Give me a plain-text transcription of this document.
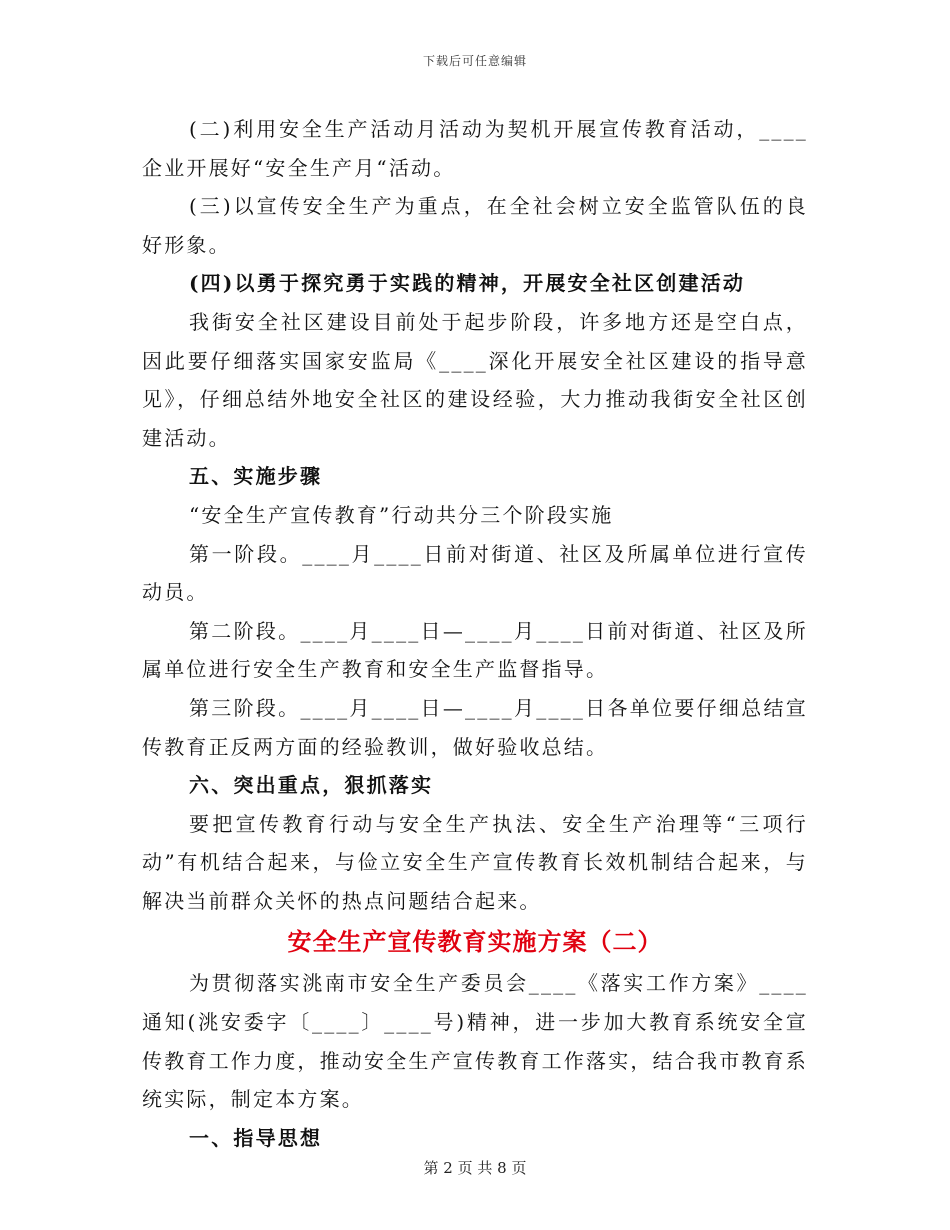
下载后可任意编辑

(二)利用安全生产活动月活动为契机开展宣传教育活动，____企业开展好“安全生产月“活动。

(三)以宣传安全生产为重点，在全社会树立安全监管队伍的良好形象。

(四)以勇于探究勇于实践的精神，开展安全社区创建活动

我街安全社区建设目前处于起步阶段，许多地方还是空白点，因此要仔细落实国家安监局《____深化开展安全社区建设的指导意见》，仔细总结外地安全社区的建设经验，大力推动我街安全社区创建活动。

五、实施步骤

“安全生产宣传教育”行动共分三个阶段实施

第一阶段。____月____日前对街道、社区及所属单位进行宣传动员。

第二阶段。____月____日—____月____日前对街道、社区及所属单位进行安全生产教育和安全生产监督指导。

第三阶段。____月____日—____月____日各单位要仔细总结宣传教育正反两方面的经验教训，做好验收总结。

六、突出重点，狠抓落实

要把宣传教育行动与安全生产执法、安全生产治理等“三项行动”有机结合起来，与俭立安全生产宣传教育长效机制结合起来，与解决当前群众关怀的热点问题结合起来。

安全生产宣传教育实施方案（二）

为贯彻落实洮南市安全生产委员会____《落实工作方案》____通知(洮安委字〔____〕____号)精神，进一步加大教育系统安全宣传教育工作力度，推动安全生产宣传教育工作落实，结合我市教育系统实际，制定本方案。

一、指导思想

第 2 页 共 8 页
